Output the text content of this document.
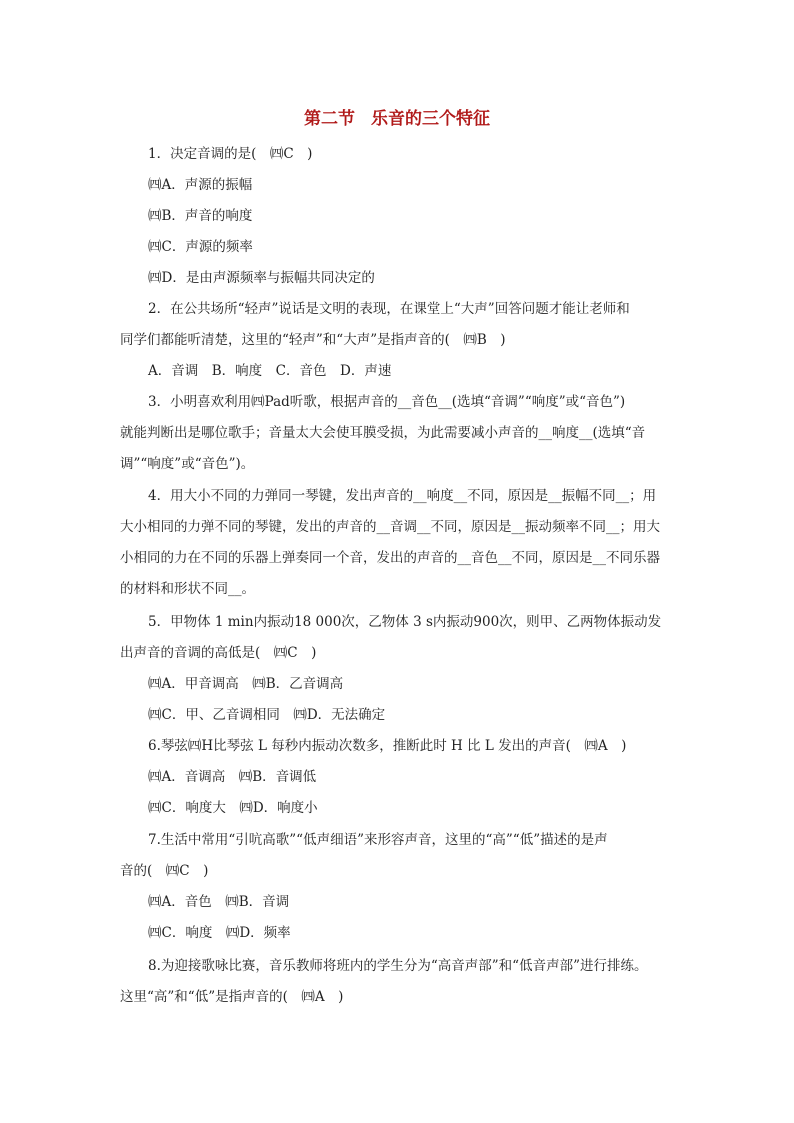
第二节 乐音的三个特征
1．决定音调的是(　㈣C　)
㈣A．声源的振幅
㈣B．声音的响度
㈣C．声源的频率
㈣D．是由声源频率与振幅共同决定的
2．在公共场所“轻声”说话是文明的表现，在课堂上“大声”回答问题才能让老师和
同学们都能听清楚，这里的“轻声”和“大声”是指声音的(　㈣B　)
A．音调　B．响度　C．音色　D．声速
3．小明喜欢利用㈣Pad听歌，根据声音的__音色__(选填“音调”“响度”或“音色”)
就能判断出是哪位歌手；音量太大会使耳膜受损，为此需要减小声音的__响度__(选填“音
调”“响度”或“音色”)。
4．用大小不同的力弹同一琴键，发出声音的__响度__不同，原因是__振幅不同__；用
大小相同的力弹不同的琴键，发出的声音的__音调__不同，原因是__振动频率不同__；用大
小相同的力在不同的乐器上弹奏同一个音，发出的声音的__音色__不同，原因是__不同乐器
的材料和形状不同__。
5．甲物体 1 min内振动18 000次，乙物体 3 s内振动900次，则甲、乙两物体振动发
出声音的音调的高低是(　㈣C　)
㈣A．甲音调高　㈣B．乙音调高
㈣C．甲、乙音调相同　㈣D．无法确定
6.琴弦㈣H比琴弦 L 每秒内振动次数多，推断此时 H 比 L 发出的声音(　㈣A　)
㈣A．音调高　㈣B．音调低
㈣C．响度大　㈣D．响度小
7.生活中常用“引吭高歌”“低声细语”来形容声音，这里的“高”“低”描述的是声
音的(　㈣C　)
㈣A．音色　㈣B．音调
㈣C．响度　㈣D．频率
8.为迎接歌咏比赛，音乐教师将班内的学生分为“高音声部”和“低音声部”进行排练。
这里“高”和“低”是指声音的(　㈣A　)
